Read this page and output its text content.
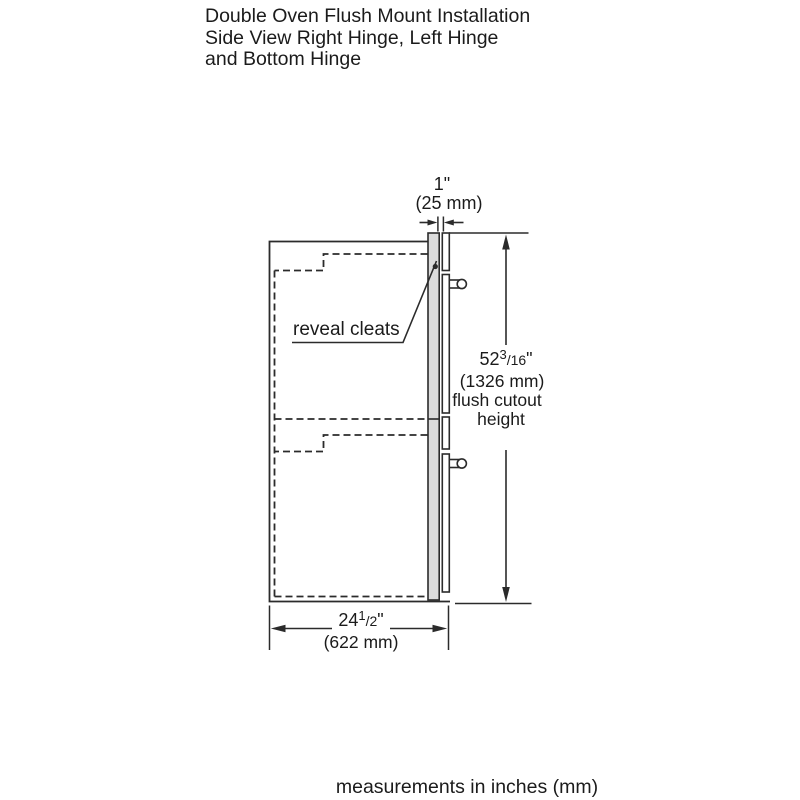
Double Oven Flush Mount Installation
Side View Right Hinge, Left Hinge
and Bottom Hinge
reveal cleats
1"
(25 mm)
$52^3/16$"
(1326 mm)
flush cutout
height
$24^1/2$"
(622 mm)
measurements in inches (mm)
